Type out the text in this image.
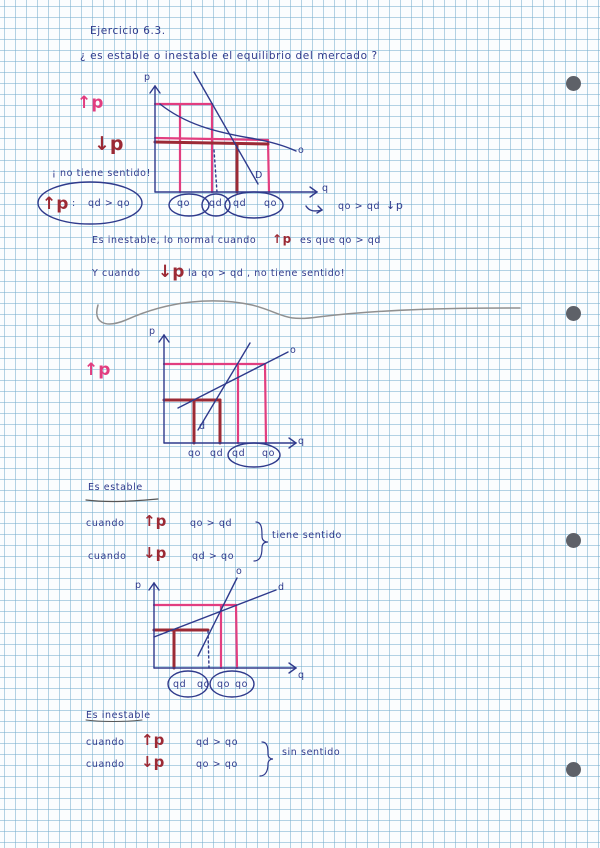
Ejercicio 6.3.
¿ es estable o inestable el equilibrio del mercado ?
p
o
D
q
qo qd qd qo
↑p
↓p
¡ no tiene sentido!
↑p : qd > qo	qo > qd ↓p
Es inestable, lo normal cuando ↑p es que qo > qd
Y cuando ↓p la qo > qd , no tiene sentido!
p
o
d
q
qo qd qd qo
↑p
Es estable
cuando ↑p qo > qd
cuando ↓p	qd > qo
tiene sentido
p
o
d
q
qd qo qo qo
Es inestable
cuando ↑p	qd > qo
cuando ↓p	qo > qo
sin sentido
